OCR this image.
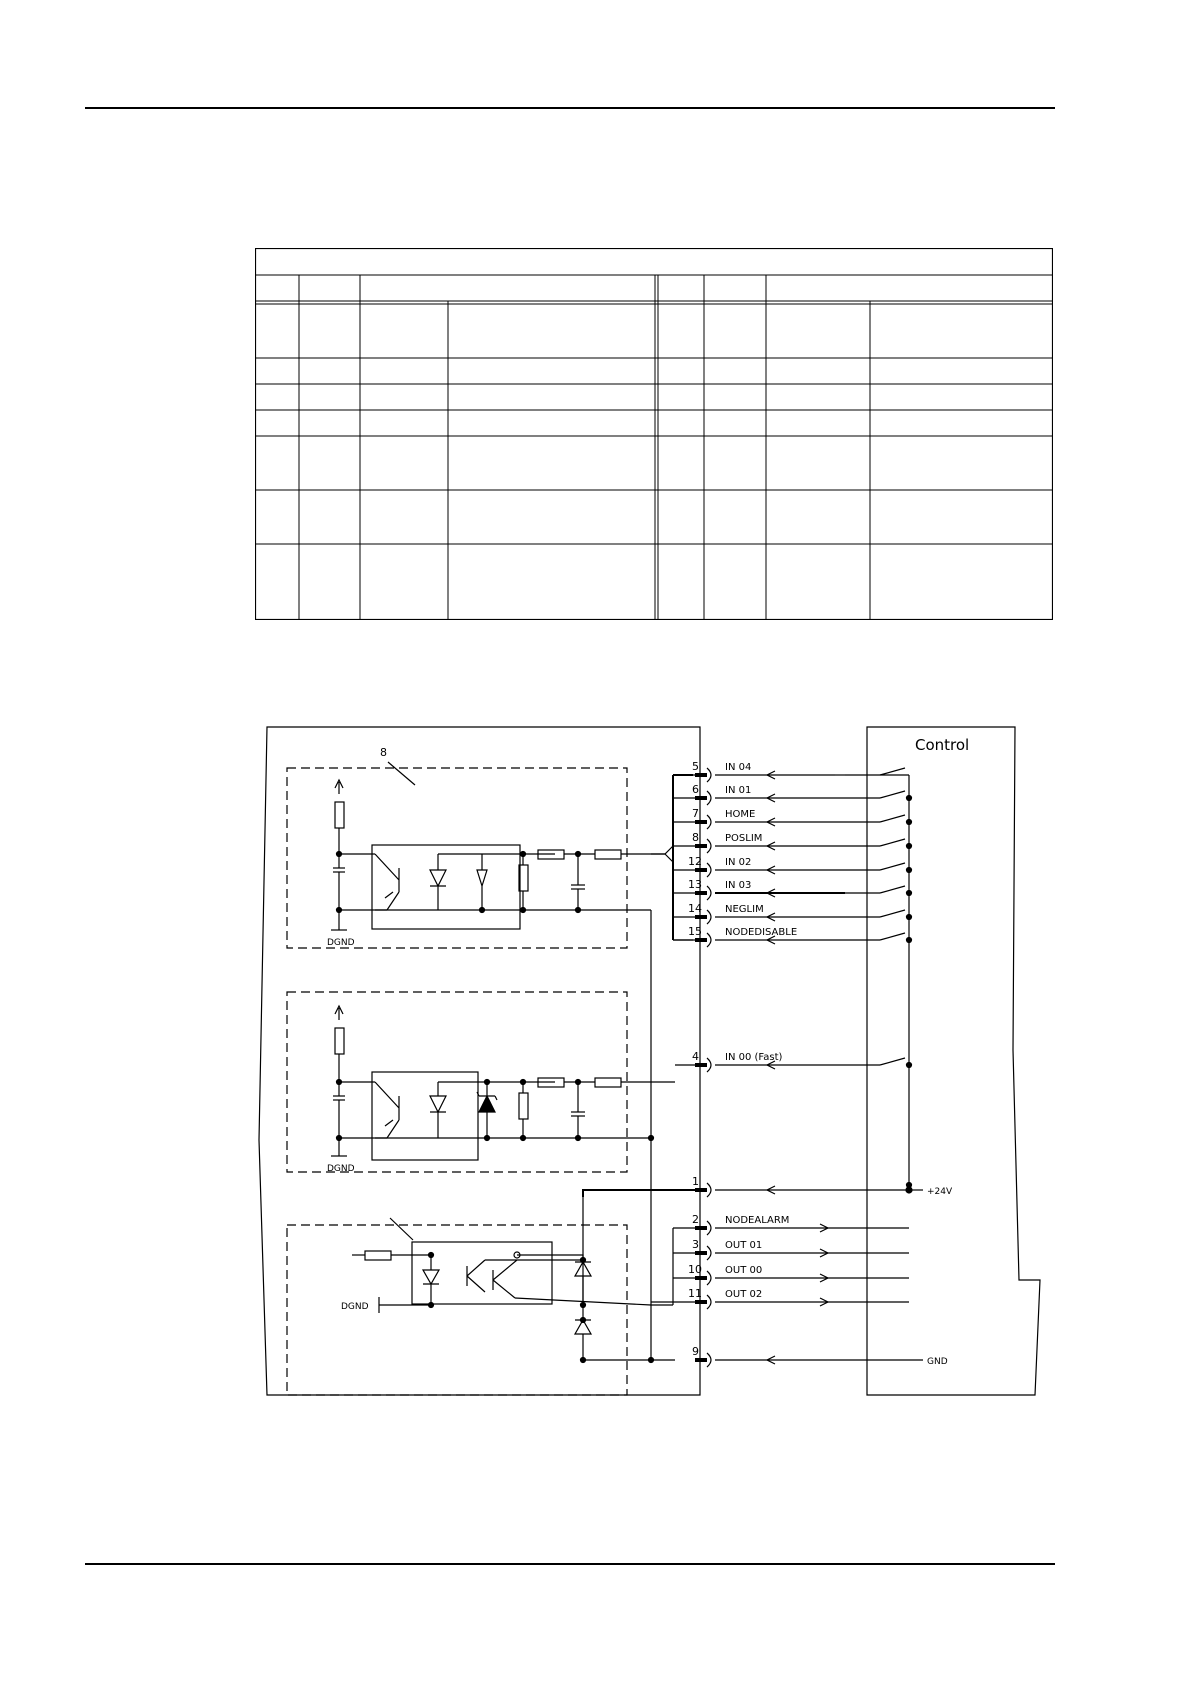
Control
8
DGND
DGND
DGND
5	IN 04
6	IN 01
7	HOME
8	POSLIM
12 IN 02
13 IN 03
14 NEGLIM
15 NODEDISABLE
4	IN 00 (Fast)
1
+24V
2	NODEALARM
3	OUT 01
10 OUT 00
11 OUT 02
9
GND
